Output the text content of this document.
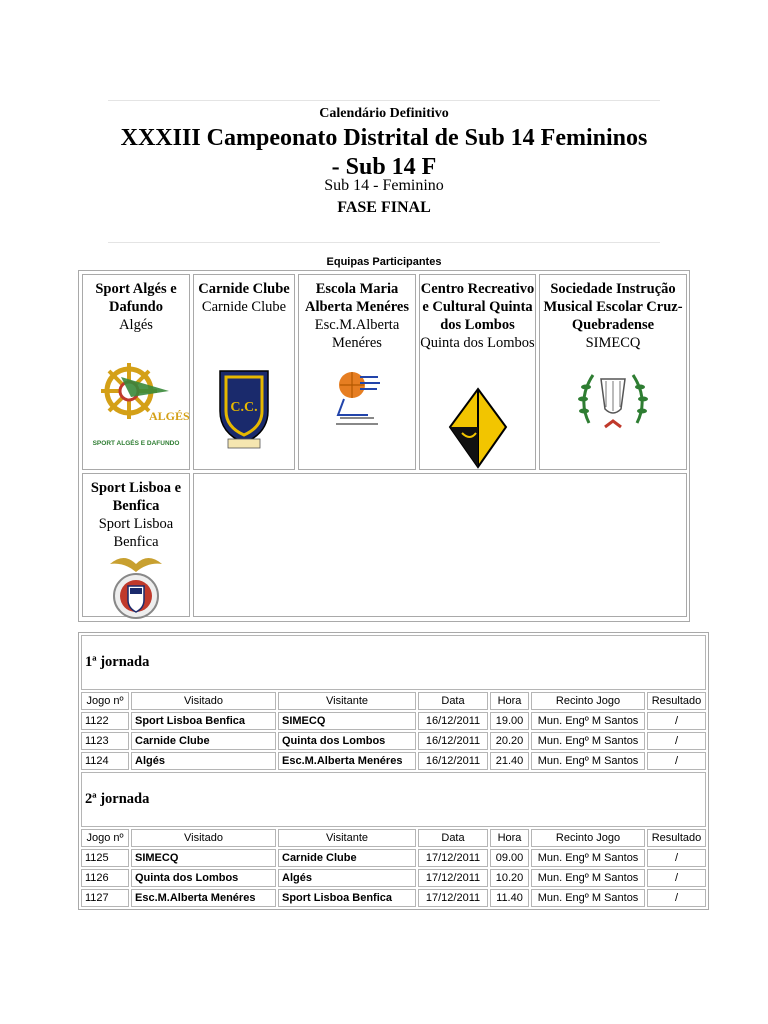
Calendário Definitivo
XXXIII Campeonato Distrital de Sub 14 Femininos - Sub 14 F
Sub 14 - Feminino
FASE FINAL
Equipas Participantes
Sport Algés e Dafundo
Algés
ALGÉS
SPORT ALGÉS E DAFUNDO
Carnide Clube
Carnide Clube
C.C.
Escola Maria Alberta Menéres
Esc.M.Alberta Menéres
Centro Recreativo e Cultural Quinta dos Lombos
Quinta dos Lombos
Sociedade Instrução Musical Escolar Cruz-Quebradense
SIMECQ
Sport Lisboa e Benfica
Sport Lisboa Benfica
1ª jornada						
Jogo nº	Visitado	Visitante	Data	Hora	Recinto Jogo	Resultado
1122	Sport Lisboa Benfica	SIMECQ	16/12/2011	19.00	Mun. Engº M Santos	/
1123	Carnide Clube	Quinta dos Lombos	16/12/2011	20.20	Mun. Engº M Santos	/
1124	Algés	Esc.M.Alberta Menéres	16/12/2011	21.40	Mun. Engº M Santos	/
2ª jornada						
Jogo nº	Visitado	Visitante	Data	Hora	Recinto Jogo	Resultado
1125	SIMECQ	Carnide Clube	17/12/2011	09.00	Mun. Engº M Santos	/
1126	Quinta dos Lombos	Algés	17/12/2011	10.20	Mun. Engº M Santos	/
1127	Esc.M.Alberta Menéres	Sport Lisboa Benfica	17/12/2011	11.40	Mun. Engº M Santos	/
